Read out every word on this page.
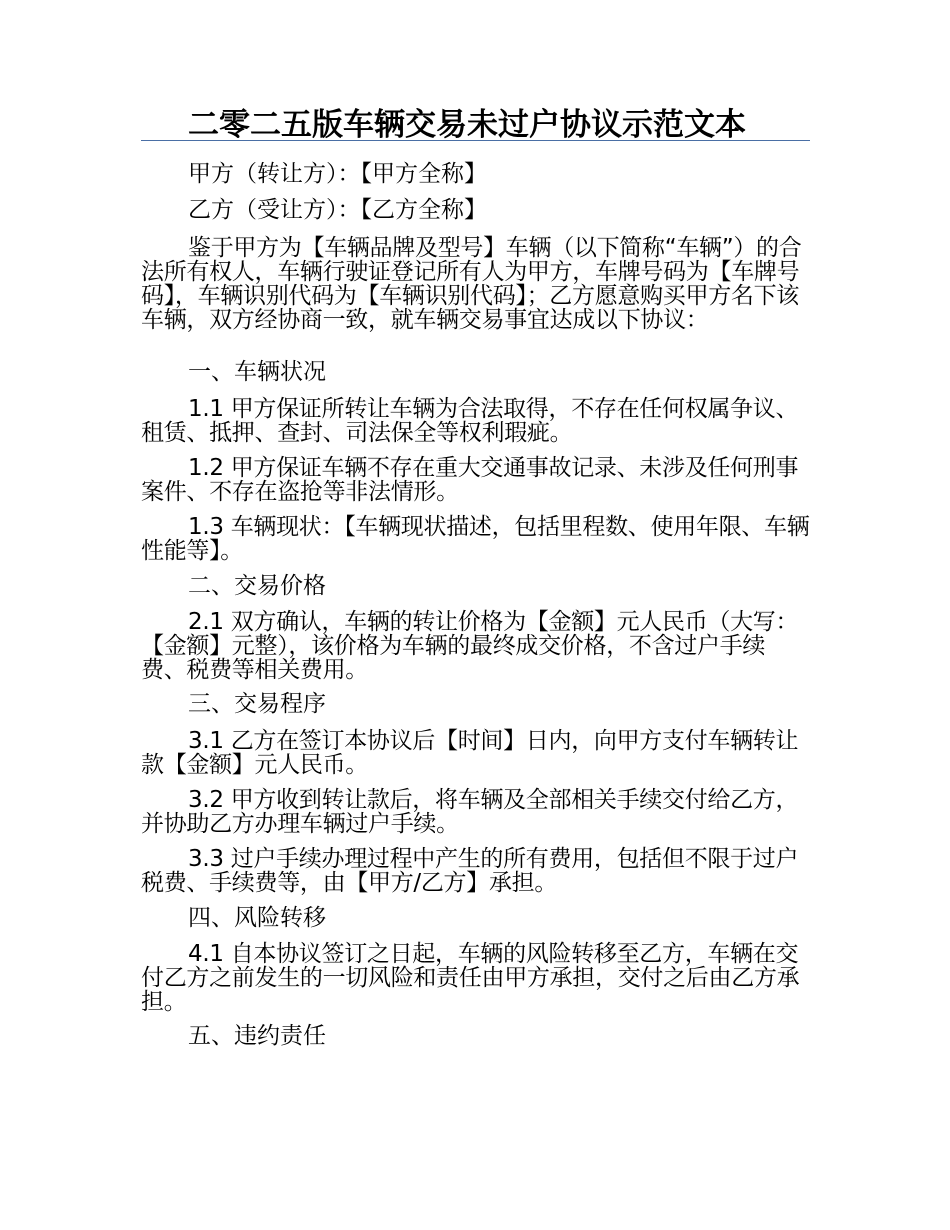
二零二五版车辆交易未过户协议示范文本

甲方（转让方）：【甲方全称】

乙方（受让方）：【乙方全称】

鉴于甲方为【车辆品牌及型号】车辆（以下简称“车辆”）的合法所有权人，车辆行驶证登记所有人为甲方，车牌号码为【车牌号码】，车辆识别代码为【车辆识别代码】；乙方愿意购买甲方名下该车辆，双方经协商一致，就车辆交易事宜达成以下协议：

一、车辆状况

1.1 甲方保证所转让车辆为合法取得，不存在任何权属争议、租赁、抵押、查封、司法保全等权利瑕疵。

1.2 甲方保证车辆不存在重大交通事故记录、未涉及任何刑事案件、不存在盗抢等非法情形。

1.3 车辆现状：【车辆现状描述，包括里程数、使用年限、车辆性能等】。

二、交易价格

2.1 双方确认，车辆的转让价格为【金额】元人民币（大写：【金额】元整），该价格为车辆的最终成交价格，不含过户手续费、税费等相关费用。

三、交易程序

3.1 乙方在签订本协议后【时间】日内，向甲方支付车辆转让款【金额】元人民币。

3.2 甲方收到转让款后，将车辆及全部相关手续交付给乙方，并协助乙方办理车辆过户手续。

3.3 过户手续办理过程中产生的所有费用，包括但不限于过户税费、手续费等，由【甲方/乙方】承担。

四、风险转移

4.1 自本协议签订之日起，车辆的风险转移至乙方，车辆在交付乙方之前发生的一切风险和责任由甲方承担，交付之后由乙方承担。

五、违约责任
